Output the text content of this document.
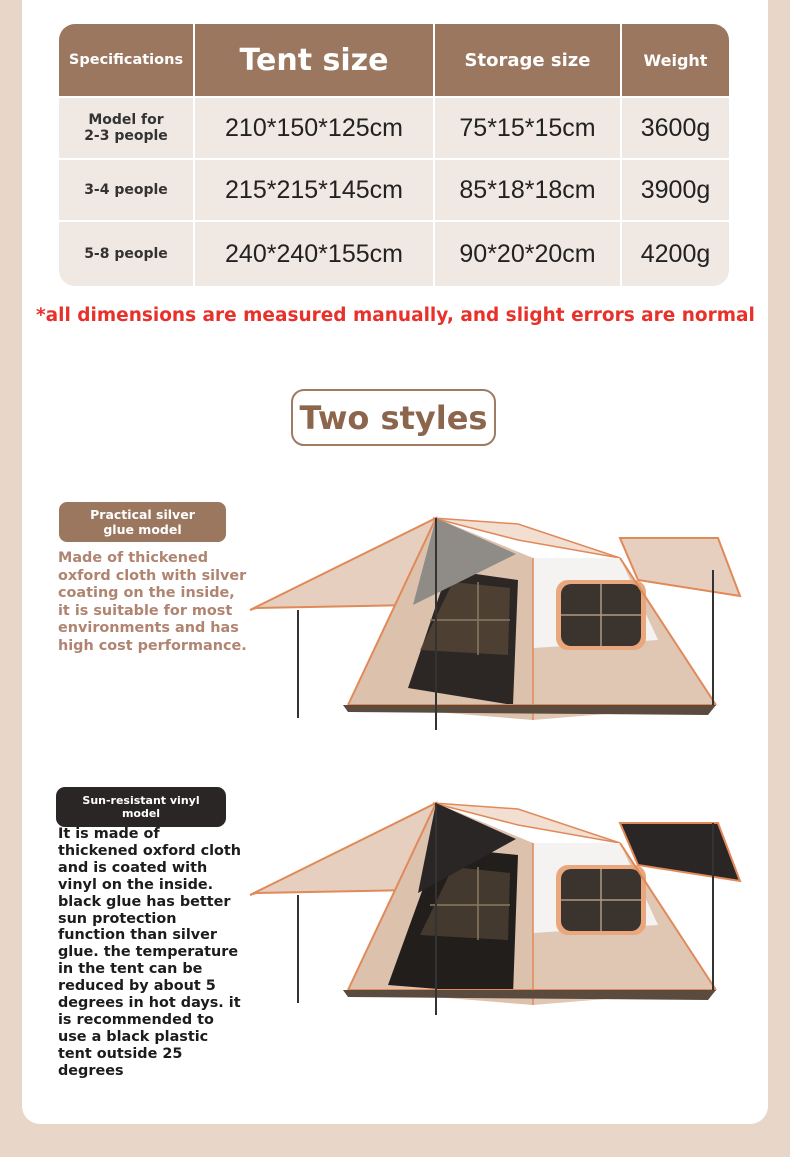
Specifications	Tent size	Storage size	Weight
Model for
2-3 people	210*150*125cm	75*15*15cm	3600g
3-4 people	215*215*145cm	85*18*18cm	3900g
5-8 people	240*240*155cm	90*20*20cm	4200g
*all dimensions are measured manually, and slight errors are normal
Two styles
Practical silver
glue model
Made of thickened oxford cloth with silver coating on the inside, it is suitable for most environments and has high cost performance.
Sun-resistant vinyl
model
It is made of thickened oxford cloth and is coated with vinyl on the inside. black glue has better sun protection function than silver glue. the temperature in the tent can be reduced by about 5 degrees in hot days. it is recommended to use a black plastic tent outside 25 degrees
